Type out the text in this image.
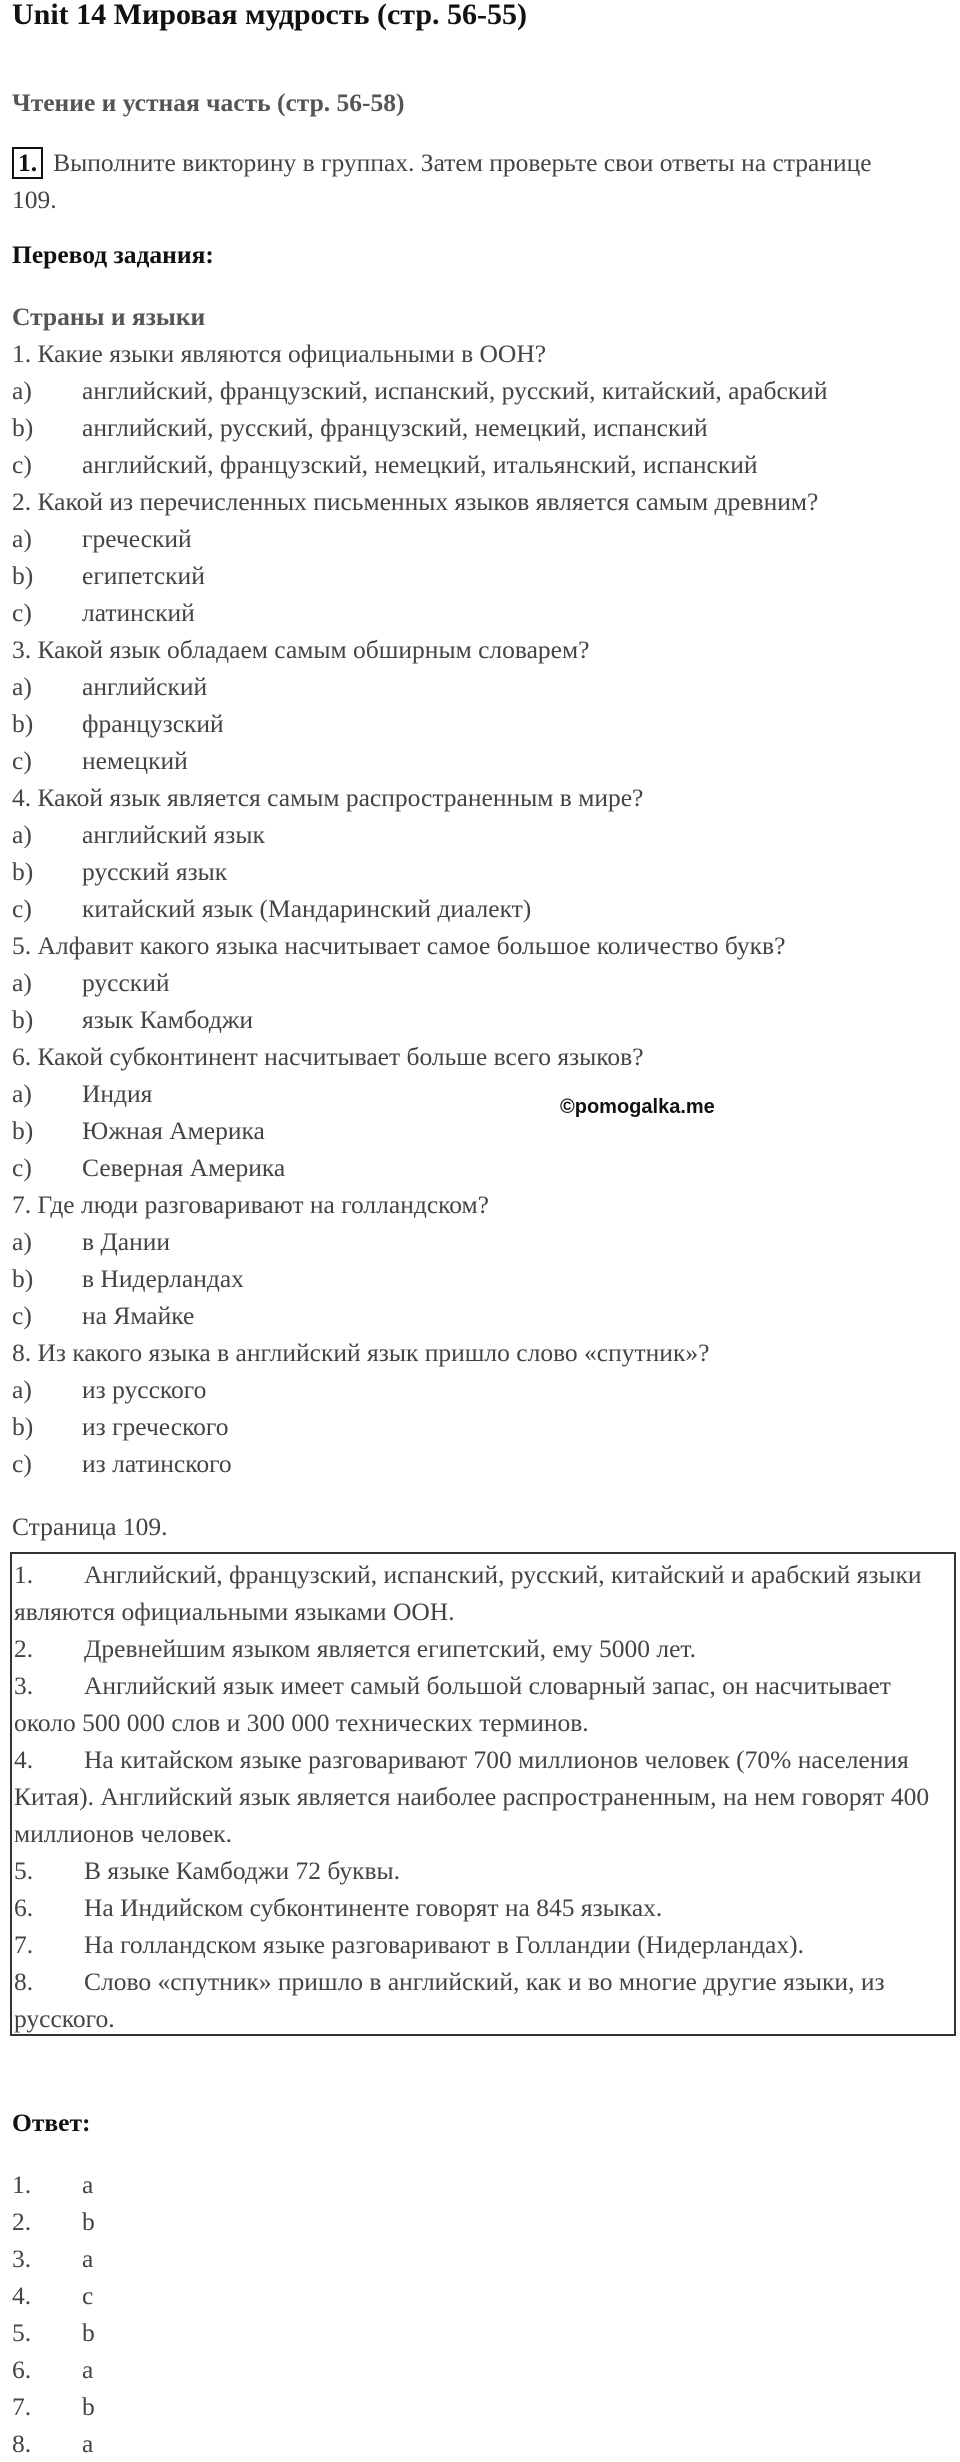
Unit 14 Мировая мудрость (стр. 56-55)
Чтение и устная часть (стр. 56-58)
1. Выполните викторину в группах. Затем проверьте свои ответы на странице 109.
Перевод задания:
Страны и языки
1. Какие языки являются официальными в ООН?
a) английский, французский, испанский, русский, китайский, арабский
b) английский, русский, французский, немецкий, испанский
c) английский, французский, немецкий, итальянский, испанский
2. Какой из перечисленных письменных языков является самым древним?
a) греческий
b) египетский
c) латинский
3. Какой язык обладаем самым обширным словарем?
a) английский
b) французский
c) немецкий
4. Какой язык является самым распространенным в мире?
a) английский язык
b) русский язык
c) китайский язык (Мандаринский диалект)
5. Алфавит какого языка насчитывает самое большое количество букв?
a) русский
b) язык Камбоджи
6. Какой субконтинент насчитывает больше всего языков?
a) Индия
b) Южная Америка
c) Северная Америка
7. Где люди разговаривают на голландском?
a) в Дании
b) в Нидерландах
c) на Ямайке
8. Из какого языка в английский язык пришло слово «спутник»?
a) из русского
b) из греческого
c) из латинского
©pomogalka.me
Страница 109.
1. Английский, французский, испанский, русский, китайский и арабский языки являются официальными языками ООН.
2. Древнейшим языком является египетский, ему 5000 лет.
3. Английский язык имеет самый большой словарный запас, он насчитывает около 500 000 слов и 300 000 технических терминов.
4. На китайском языке разговаривают 700 миллионов человек (70% населения Китая). Английский язык является наиболее распространенным, на нем говорят 400 миллионов человек.
5. В языке Камбоджи 72 буквы.
6. На Индийском субконтиненте говорят на 845 языках.
7. На голландском языке разговаривают в Голландии (Нидерландах).
8. Слово «спутник» пришло в английский, как и во многие другие языки, из русского.
Ответ:
1. a
2. b
3. a
4. c
5. b
6. a
7. b
8. a
